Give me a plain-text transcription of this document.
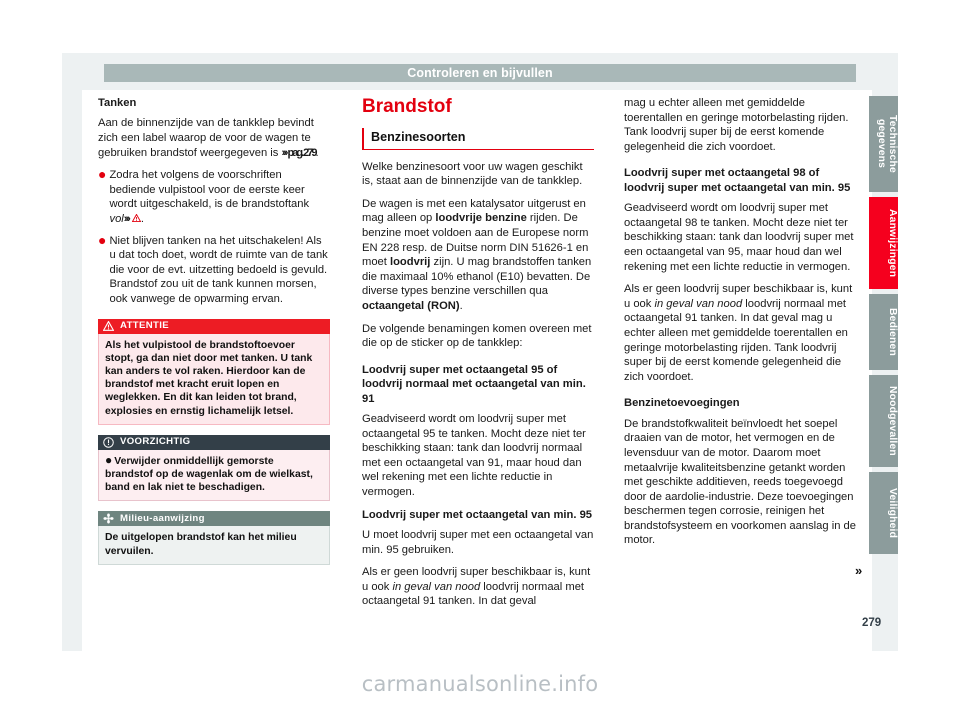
Controleren en bijvullen
Tanken

Aan de binnenzijde van de tankklep bevindt zich een label waarop de voor de wagen te gebruiken brandstof weergegeven is ››› pag. 279.

● Zodra het volgens de voorschriften bediende vulpistool voor de eerste keer wordt uitgeschakeld, is de brandstoftank vol››› .
● Niet blijven tanken na het uitschakelen! Als u dat toch doet, wordt de ruimte van de tank die voor de evt. uitzetting bedoeld is gevuld. Brandstof zou uit de tank kunnen morsen, ook vanwege de opwarming ervan.
ATTENTIE
Als het vulpistool de brandstoftoevoer stopt, ga dan niet door met tanken. U tank kan anders te vol raken. Hierdoor kan de brandstof met kracht eruit lopen en weglekken. En dit kan leiden tot brand, explosies en ernstig lichamelijk letsel.
VOORZICHTIG
● Verwijder onmiddellijk gemorste brandstof op de wagenlak om de wielkast, band en lak niet te beschadigen.
Milieu-aanwijzing
De uitgelopen brandstof kan het milieu vervuilen.
Brandstof
Benzinesoorten

Welke benzinesoort voor uw wagen geschikt is, staat aan de binnenzijde van de tankklep.

De wagen is met een katalysator uitgerust en mag alleen op loodvrije benzine rijden. De benzine moet voldoen aan de Europese norm EN 228 resp. de Duitse norm DIN 51626-1 en moet loodvrij zijn. U mag brandstoffen tanken die maximaal 10% ethanol (E10) bevatten. De diverse types benzine verschillen qua octaangetal (RON).

De volgende benamingen komen overeen met die op de sticker op de tankklep:

Loodvrij super met octaangetal 95 of loodvrij normaal met octaangetal van min. 91

Geadviseerd wordt om loodvrij super met octaangetal 95 te tanken. Mocht deze niet ter beschikking staan: tank dan loodvrij normaal met een octaangetal van 91, maar houd dan wel rekening met een lichte reductie in vermogen.

Loodvrij super met octaangetal van min. 95

U moet loodvrij super met een octaangetal van min. 95 gebruiken.

Als er geen loodvrij super beschikbaar is, kunt u ook in geval van nood loodvrij normaal met octaangetal 91 tanken. In dat geval

mag u echter alleen met gemiddelde toerentallen en geringe motorbelasting rijden. Tank loodvrij super bij de eerst komende gelegenheid die zich voordoet.

Loodvrij super met octaangetal 98 of loodvrij super met octaangetal van min. 95

Geadviseerd wordt om loodvrij super met octaangetal 98 te tanken. Mocht deze niet ter beschikking staan: tank dan loodvrij super met een octaangetal van 95, maar houd dan wel rekening met een lichte reductie in vermogen.

Als er geen loodvrij super beschikbaar is, kunt u ook in geval van nood loodvrij normaal met octaangetal 91 tanken. In dat geval mag u echter alleen met gemiddelde toerentallen en geringe motorbelasting rijden. Tank loodvrij super bij de eerst komende gelegenheid die zich voordoet.

Benzinetoevoegingen

De brandstofkwaliteit beïnvloedt het soepel draaien van de motor, het vermogen en de levensduur van de motor. Daarom moet metaalvrije kwaliteitsbenzine getankt worden met geschikte additieven, reeds toegevoegd door de aardolie-industrie. Deze toevoegingen beschermen tegen corrosie, reinigen het brandstofsysteem en voorkomen aanslag in de motor.

»
Technische gegevens
Aanwijzingen
Bedienen
Noodgevallen
Veiligheid
279
carmanualsonline.info
